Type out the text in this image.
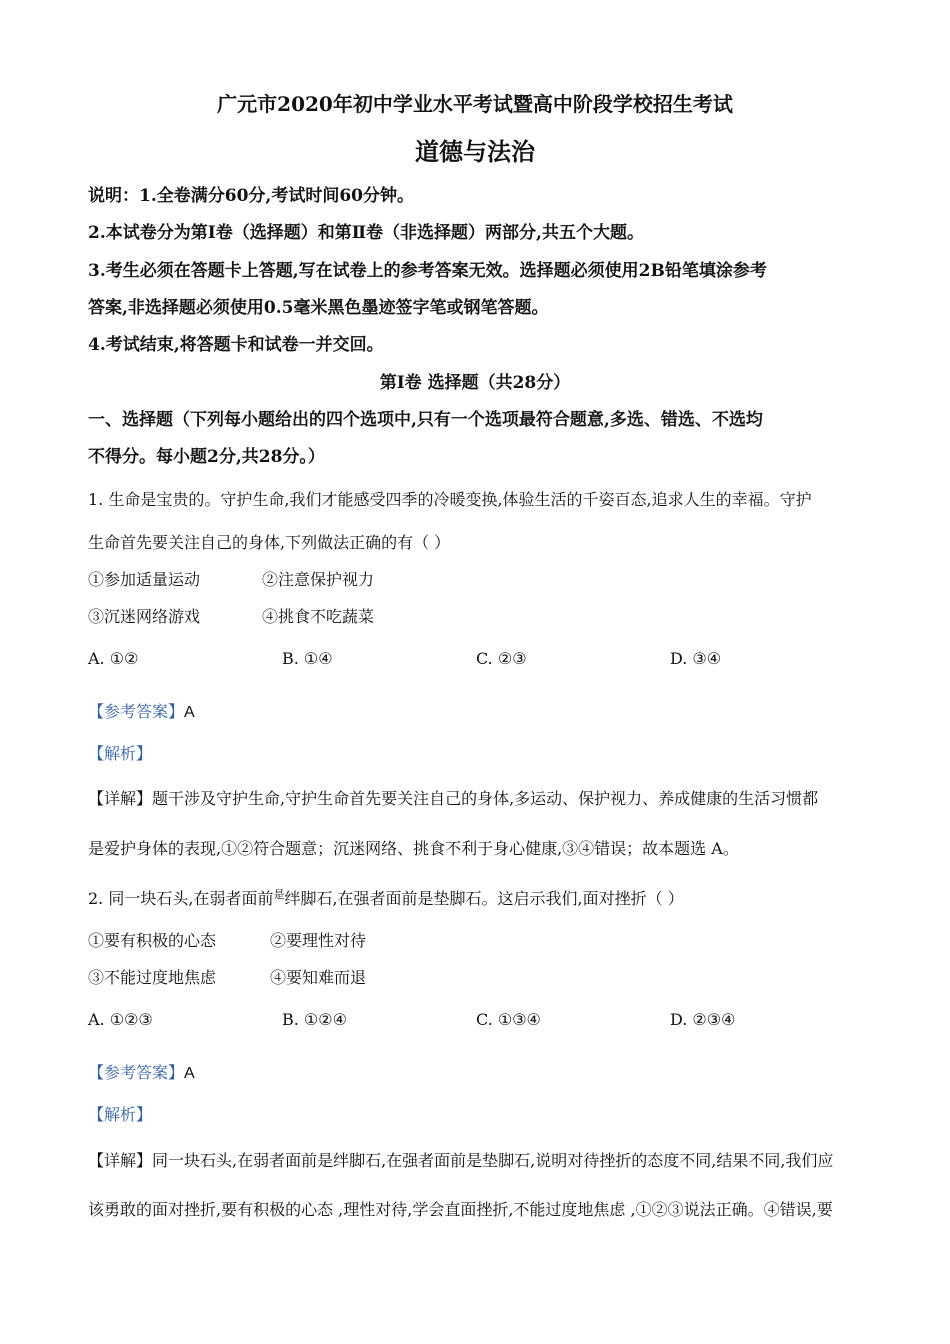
广元市2020年初中学业水平考试暨高中阶段学校招生考试
道德与法治
说明：1.全卷满分60分,考试时间60分钟。
2.本试卷分为第Ⅰ卷（选择题）和第Ⅱ卷（非选择题）两部分,共五个大题。
3.考生必须在答题卡上答题,写在试卷上的参考答案无效。选择题必须使用2B铅笔填涂参考
答案,非选择题必须使用0.5毫米黑色墨迹签字笔或钢笔答题。
4.考试结束,将答题卡和试卷一并交回。
第Ⅰ卷 选择题（共28分）
一、选择题（下列每小题给出的四个选项中,只有一个选项最符合题意,多选、错选、不选均
不得分。每小题2分,共28分。）
1. 生命是宝贵的。守护生命,我们才能感受四季的冷暖变换,体验生活的千姿百态,追求人生的幸福。守护
生命首先要关注自己的身体,下列做法正确的有（ ）
①参加适量运动	②注意保护视力
③沉迷网络游戏	④挑食不吃蔬菜
A. ①②	B. ①④	C. ②③	D. ③④
【参考答案】A
【解析】
【详解】题干涉及守护生命,守护生命首先要关注自己的身体,多运动、保护视力、养成健康的生活习惯都
是爱护身体的表现,①②符合题意；沉迷网络、挑食不利于身心健康,③④错误；故本题选 A。
2. 同一块石头,在弱者面前$^是$绊脚石,在强者面前是垫脚石。这启示我们,面对挫折（ ）
①要有积极的心态	②要理性对待
③不能过度地焦虑	④要知难而退
A. ①②③	B. ①②④	C. ①③④	D. ②③④
【参考答案】A
【解析】
【详解】同一块石头,在弱者面前是绊脚石,在强者面前是垫脚石,说明对待挫折的态度不同,结果不同,我们应
该勇敢的面对挫折,要有积极的心态 ,理性对待,学会直面挫折,不能过度地焦虑 ,①②③说法正确。④错误,要
